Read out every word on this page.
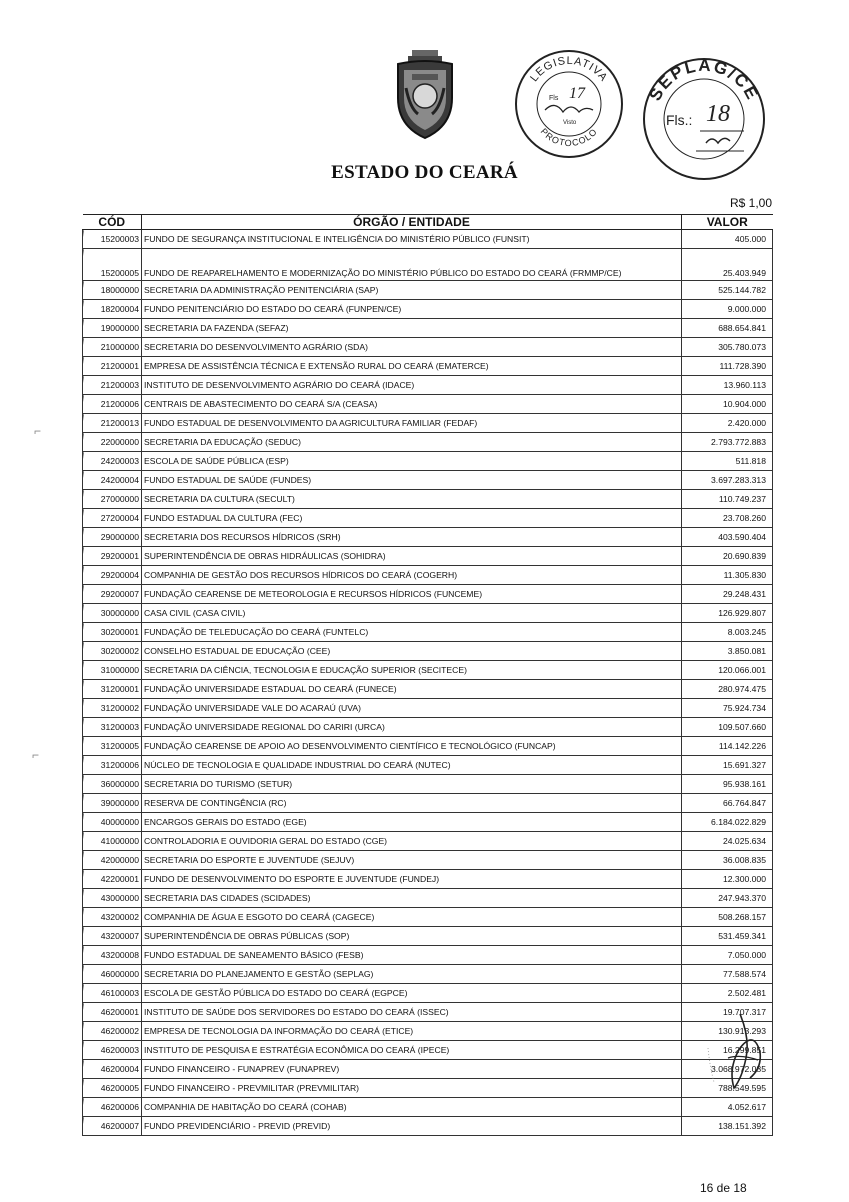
LEGISLATIVA
PROTOCOLO
Fls 17
Visto
SEPLAG/CE
Fls.: 18
ESTADO DO CEARÁ
R$ 1,00
CÓD	ÓRGÃO / ENTIDADE	VALOR
15200003	FUNDO DE SEGURANÇA INSTITUCIONAL E INTELIGÊNCIA DO MINISTÉRIO PÚBLICO (FUNSIT)	405.000
15200005	FUNDO DE REAPARELHAMENTO E MODERNIZAÇÃO DO MINISTÉRIO PÚBLICO DO ESTADO DO CEARÁ (FRMMP/CE)	25.403.949
18000000	SECRETARIA DA ADMINISTRAÇÃO PENITENCIÁRIA (SAP)	525.144.782
18200004	FUNDO PENITENCIÁRIO DO ESTADO DO CEARÁ (FUNPEN/CE)	9.000.000
19000000	SECRETARIA DA FAZENDA (SEFAZ)	688.654.841
21000000	SECRETARIA DO DESENVOLVIMENTO AGRÁRIO (SDA)	305.780.073
21200001	EMPRESA DE ASSISTÊNCIA TÉCNICA E EXTENSÃO RURAL DO CEARÁ (EMATERCE)	111.728.390
21200003	INSTITUTO DE DESENVOLVIMENTO AGRÁRIO DO CEARÁ (IDACE)	13.960.113
21200006	CENTRAIS DE ABASTECIMENTO DO CEARÁ S/A (CEASA)	10.904.000
21200013	FUNDO ESTADUAL DE DESENVOLVIMENTO DA AGRICULTURA FAMILIAR (FEDAF)	2.420.000
22000000	SECRETARIA DA EDUCAÇÃO (SEDUC)	2.793.772.883
24200003	ESCOLA DE SAÚDE PÚBLICA (ESP)	511.818
24200004	FUNDO ESTADUAL DE SAÚDE (FUNDES)	3.697.283.313
27000000	SECRETARIA DA CULTURA (SECULT)	110.749.237
27200004	FUNDO ESTADUAL DA CULTURA (FEC)	23.708.260
29000000	SECRETARIA DOS RECURSOS HÍDRICOS (SRH)	403.590.404
29200001	SUPERINTENDÊNCIA DE OBRAS HIDRÁULICAS (SOHIDRA)	20.690.839
29200004	COMPANHIA DE GESTÃO DOS RECURSOS HÍDRICOS DO CEARÁ (COGERH)	11.305.830
29200007	FUNDAÇÃO CEARENSE DE METEOROLOGIA E RECURSOS HÍDRICOS (FUNCEME)	29.248.431
30000000	CASA CIVIL (CASA CIVIL)	126.929.807
30200001	FUNDAÇÃO DE TELEDUCAÇÃO DO CEARÁ (FUNTELC)	8.003.245
30200002	CONSELHO ESTADUAL DE EDUCAÇÃO (CEE)	3.850.081
31000000	SECRETARIA DA CIÊNCIA, TECNOLOGIA E EDUCAÇÃO SUPERIOR (SECITECE)	120.066.001
31200001	FUNDAÇÃO UNIVERSIDADE ESTADUAL DO CEARÁ (FUNECE)	280.974.475
31200002	FUNDAÇÃO UNIVERSIDADE VALE DO ACARAÚ (UVA)	75.924.734
31200003	FUNDAÇÃO UNIVERSIDADE REGIONAL DO CARIRI (URCA)	109.507.660
31200005	FUNDAÇÃO CEARENSE DE APOIO AO DESENVOLVIMENTO CIENTÍFICO E TECNOLÓGICO (FUNCAP)	114.142.226
31200006	NÚCLEO DE TECNOLOGIA E QUALIDADE INDUSTRIAL DO CEARÁ (NUTEC)	15.691.327
36000000	SECRETARIA DO TURISMO (SETUR)	95.938.161
39000000	RESERVA DE CONTINGÊNCIA (RC)	66.764.847
40000000	ENCARGOS GERAIS DO ESTADO (EGE)	6.184.022.829
41000000	CONTROLADORIA E OUVIDORIA GERAL DO ESTADO (CGE)	24.025.634
42000000	SECRETARIA DO ESPORTE E JUVENTUDE (SEJUV)	36.008.835
42200001	FUNDO DE DESENVOLVIMENTO DO ESPORTE E JUVENTUDE (FUNDEJ)	12.300.000
43000000	SECRETARIA DAS CIDADES (SCIDADES)	247.943.370
43200002	COMPANHIA DE ÁGUA E ESGOTO DO CEARÁ (CAGECE)	508.268.157
43200007	SUPERINTENDÊNCIA DE OBRAS PÚBLICAS (SOP)	531.459.341
43200008	FUNDO ESTADUAL DE SANEAMENTO BÁSICO (FESB)	7.050.000
46000000	SECRETARIA DO PLANEJAMENTO E GESTÃO (SEPLAG)	77.588.574
46100003	ESCOLA DE GESTÃO PÚBLICA DO ESTADO DO CEARÁ (EGPCE)	2.502.481
46200001	INSTITUTO DE SAÚDE DOS SERVIDORES DO ESTADO DO CEARÁ (ISSEC)	19.707.317
46200002	EMPRESA DE TECNOLOGIA DA INFORMAÇÃO DO CEARÁ (ETICE)	130.913.293
46200003	INSTITUTO DE PESQUISA E ESTRATÉGIA ECONÔMICA DO CEARÁ (IPECE)	16.299.851
46200004	FUNDO FINANCEIRO - FUNAPREV (FUNAPREV)	3.068.972.085
46200005	FUNDO FINANCEIRO - PREVMILITAR (PREVMILITAR)	788.549.595
46200006	COMPANHIA DE HABITAÇÃO DO CEARÁ (COHAB)	4.052.617
46200007	FUNDO PREVIDENCIÁRIO - PREVID (PREVID)	138.151.392
⌐
⌐
16 de 18
